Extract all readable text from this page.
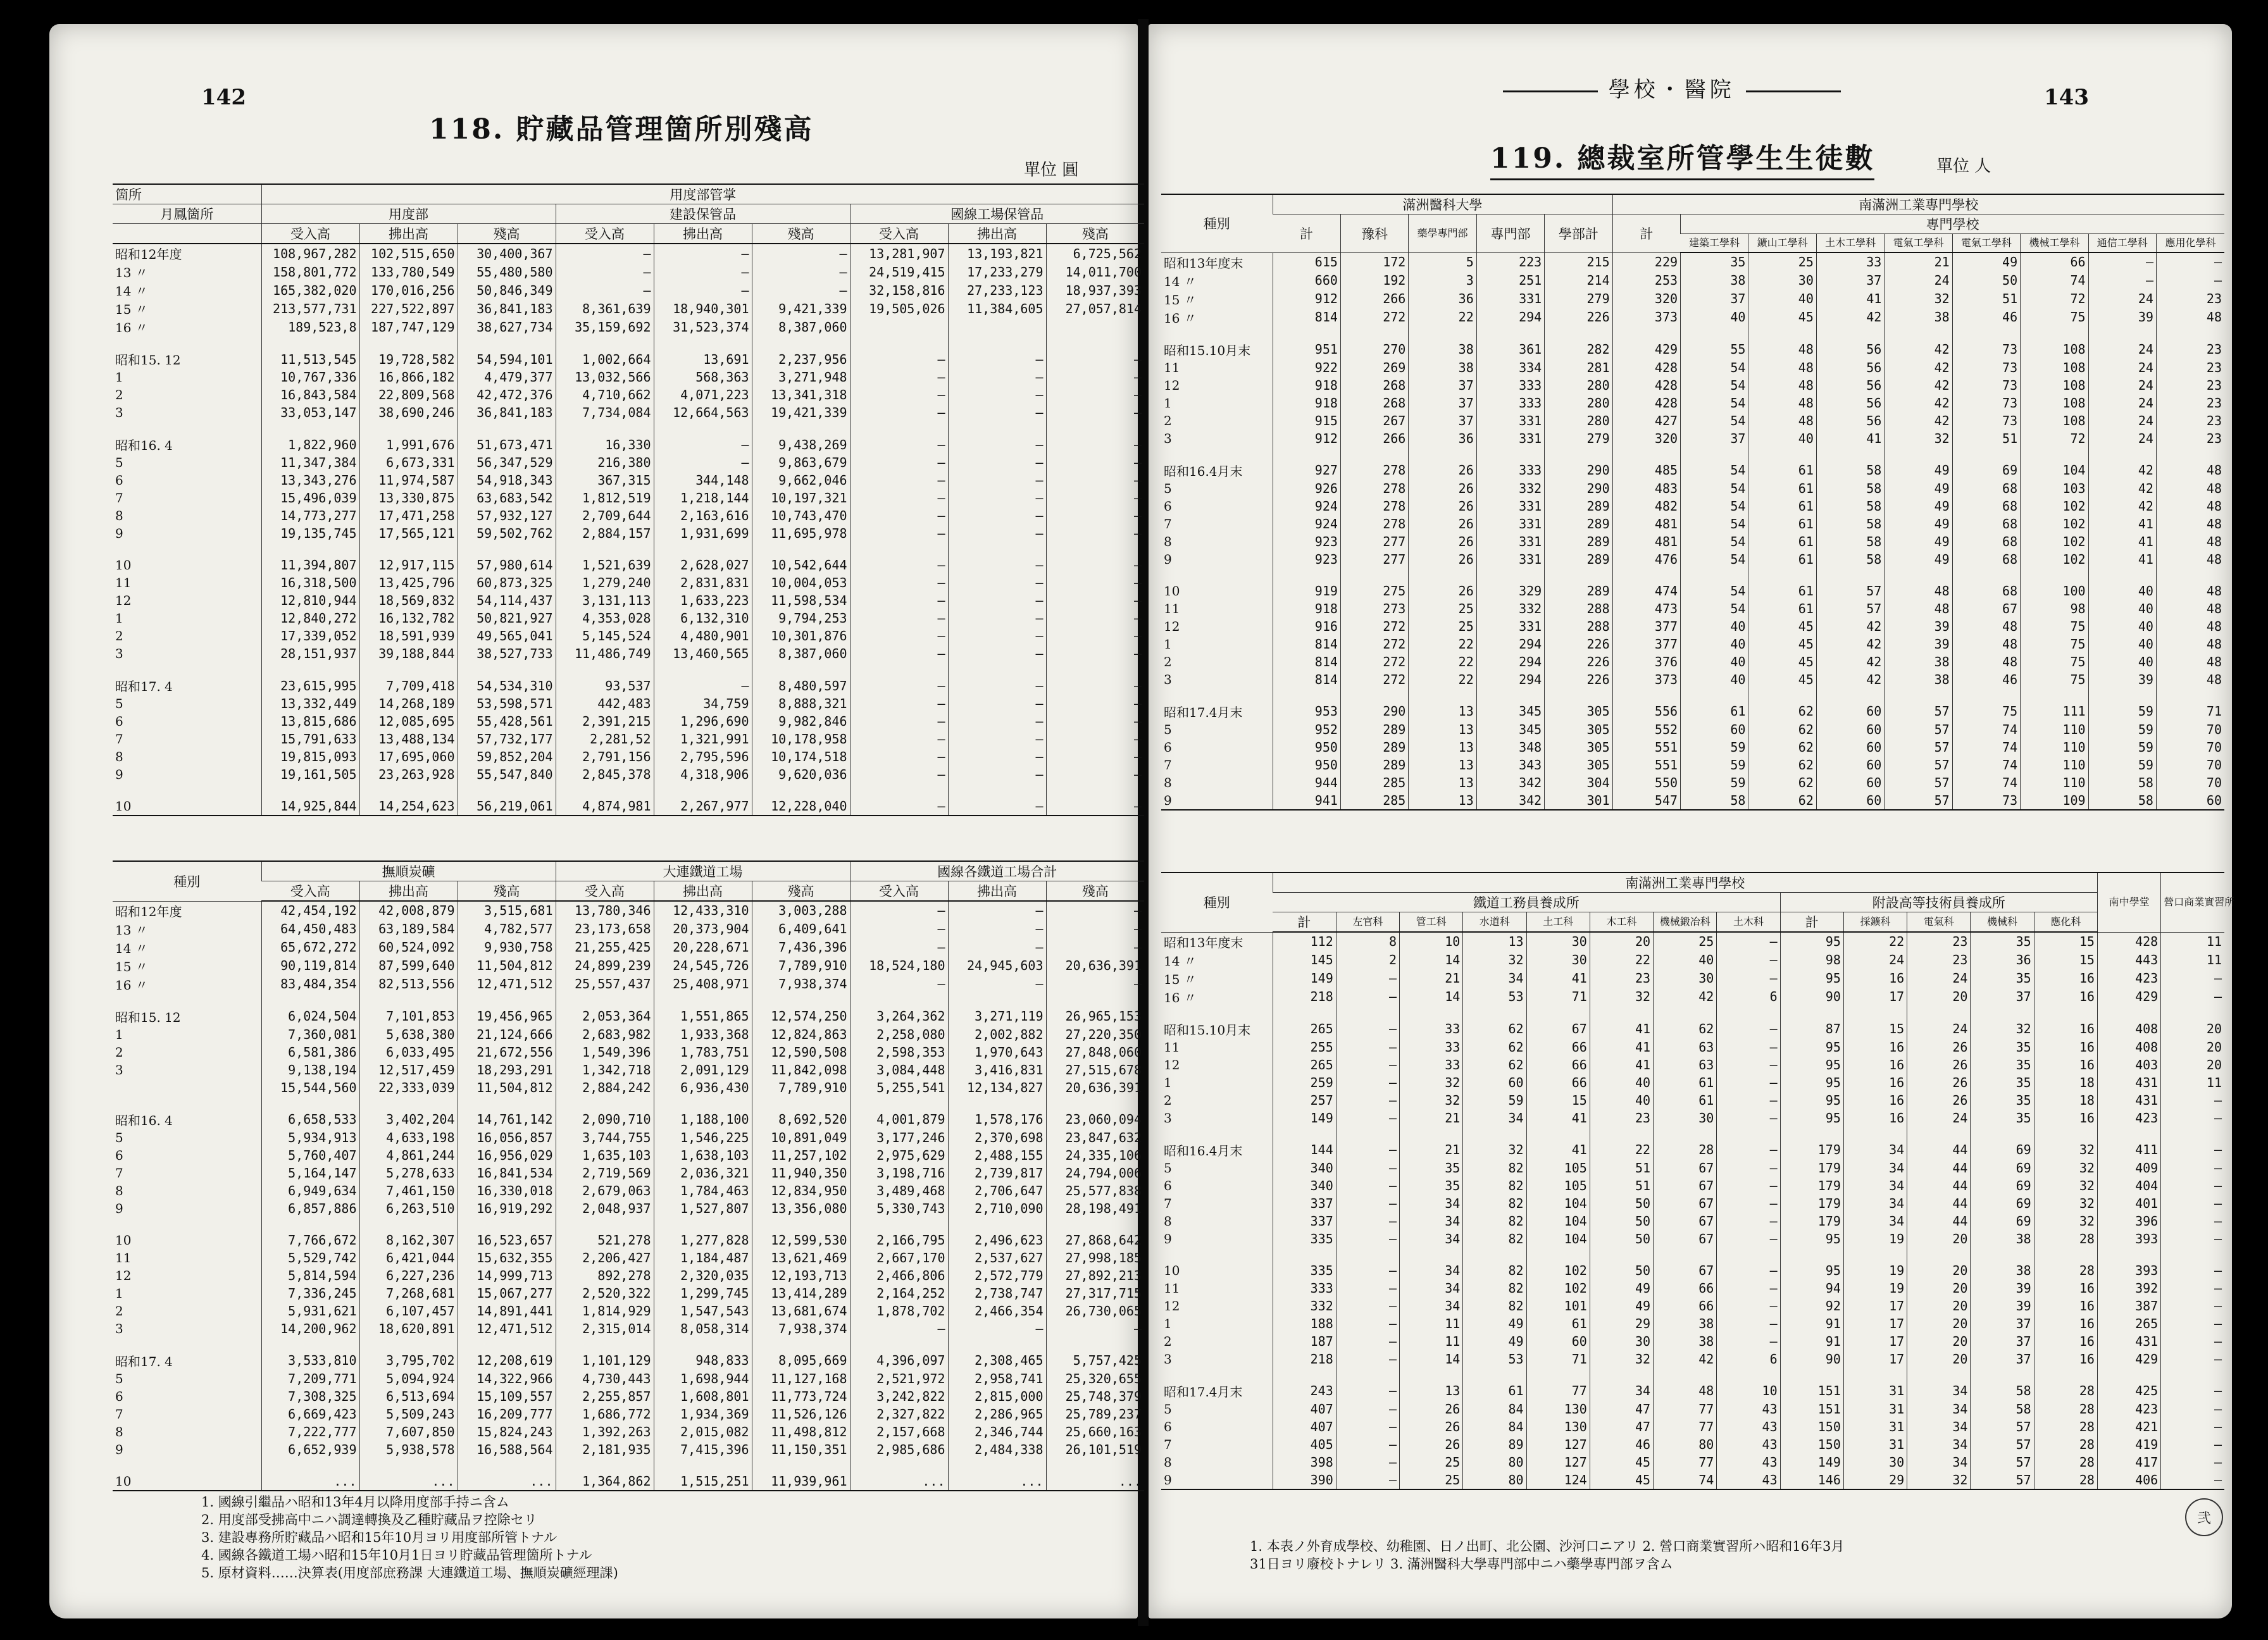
142
118. 貯藏品管理箇所別殘高
單位 圓
箇所	用度部管掌								
月鳳箇所	用度部			建設保管品			國線工場保管品		
	受入高	拂出高	殘高	受入高	拂出高	殘高	受入高	拂出高	殘高
昭和12年度	108,967,282	102,515,650	30,400,367	—	—	—	13,281,907	13,193,821	6,725,562
13 〃	158,801,772	133,780,549	55,480,580	—	—	—	24,519,415	17,233,279	14,011,700
14 〃	165,382,020	170,016,256	50,846,349	—	—	—	32,158,816	27,233,123	18,937,393
15 〃	213,577,731	227,522,897	36,841,183	8,361,639	18,940,301	9,421,339	19,505,026	11,384,605	27,057,814
16 〃	189,523,8	187,747,129	38,627,734	35,159,692	31,523,374	8,387,060			

昭和15. 12	11,513,545	19,728,582	54,594,101	1,002,664	13,691	2,237,956	—	—	—
1	10,767,336	16,866,182	4,479,377	13,032,566	568,363	3,271,948	—	—	—
2	16,843,584	22,809,568	42,472,376	4,710,662	4,071,223	13,341,318	—	—	—
3	33,053,147	38,690,246	36,841,183	7,734,084	12,664,563	19,421,339	—	—	—

昭和16. 4	1,822,960	1,991,676	51,673,471	16,330	—	9,438,269	—	—	—
5	11,347,384	6,673,331	56,347,529	216,380	—	9,863,679	—	—	—
6	13,343,276	11,974,587	54,918,343	367,315	344,148	9,662,046	—	—	—
7	15,496,039	13,330,875	63,683,542	1,812,519	1,218,144	10,197,321	—	—	—
8	14,773,277	17,471,258	57,932,127	2,709,644	2,163,616	10,743,470	—	—	—
9	19,135,745	17,565,121	59,502,762	2,884,157	1,931,699	11,695,978	—	—	—

10	11,394,807	12,917,115	57,980,614	1,521,639	2,628,027	10,542,644	—	—	—
11	16,318,500	13,425,796	60,873,325	1,279,240	2,831,831	10,004,053	—	—	—
12	12,810,944	18,569,832	54,114,437	3,131,113	1,633,223	11,598,534	—	—	—
1	12,840,272	16,132,782	50,821,927	4,353,028	6,132,310	9,794,253	—	—	—
2	17,339,052	18,591,939	49,565,041	5,145,524	4,480,901	10,301,876	—	—	—
3	28,151,937	39,188,844	38,527,733	11,486,749	13,460,565	8,387,060	—	—	—

昭和17. 4	23,615,995	7,709,418	54,534,310	93,537	—	8,480,597	—	—	—
5	13,332,449	14,268,189	53,598,571	442,483	34,759	8,888,321	—	—	—
6	13,815,686	12,085,695	55,428,561	2,391,215	1,296,690	9,982,846	—	—	—
7	15,791,633	13,488,134	57,732,177	2,281,52	1,321,991	10,178,958	—	—	—
8	19,815,093	17,695,060	59,852,204	2,791,156	2,795,596	10,174,518	—	—	—
9	19,161,505	23,263,928	55,547,840	2,845,378	4,318,906	9,620,036	—	—	—

10	14,925,844	14,254,623	56,219,061	4,874,981	2,267,977	12,228,040	—	—	—
種別	撫順炭礦			大連鐵道工場			國線各鐵道工場合計		
	受入高	拂出高	殘高	受入高	拂出高	殘高	受入高	拂出高	殘高
昭和12年度	42,454,192	42,008,879	3,515,681	13,780,346	12,433,310	3,003,288	—	—	—
13 〃	64,450,483	63,189,584	4,782,577	23,173,658	20,373,904	6,409,641	—	—	—
14 〃	65,672,272	60,524,092	9,930,758	21,255,425	20,228,671	7,436,396	—	—	—
15 〃	90,119,814	87,599,640	11,504,812	24,899,239	24,545,726	7,789,910	18,524,180	24,945,603	20,636,391
16 〃	83,484,354	82,513,556	12,471,512	25,557,437	25,408,971	7,938,374	—	—	—

昭和15. 12	6,024,504	7,101,853	19,456,965	2,053,364	1,551,865	12,574,250	3,264,362	3,271,119	26,965,153
1	7,360,081	5,638,380	21,124,666	2,683,982	1,933,368	12,824,863	2,258,080	2,002,882	27,220,350
2	6,581,386	6,033,495	21,672,556	1,549,396	1,783,751	12,590,508	2,598,353	1,970,643	27,848,060
3	9,138,194	12,517,459	18,293,291	1,342,718	2,091,129	11,842,098	3,084,448	3,416,831	27,515,678
	15,544,560	22,333,039	11,504,812	2,884,242	6,936,430	7,789,910	5,255,541	12,134,827	20,636,391

昭和16. 4	6,658,533	3,402,204	14,761,142	2,090,710	1,188,100	8,692,520	4,001,879	1,578,176	23,060,094
5	5,934,913	4,633,198	16,056,857	3,744,755	1,546,225	10,891,049	3,177,246	2,370,698	23,847,632
6	5,760,407	4,861,244	16,956,029	1,635,103	1,638,103	11,257,102	2,975,629	2,488,155	24,335,106
7	5,164,147	5,278,633	16,841,534	2,719,569	2,036,321	11,940,350	3,198,716	2,739,817	24,794,006
8	6,949,634	7,461,150	16,330,018	2,679,063	1,784,463	12,834,950	3,489,468	2,706,647	25,577,838
9	6,857,886	6,263,510	16,919,292	2,048,937	1,527,807	13,356,080	5,330,743	2,710,090	28,198,491

10	7,766,672	8,162,307	16,523,657	521,278	1,277,828	12,599,530	2,166,795	2,496,623	27,868,642
11	5,529,742	6,421,044	15,632,355	2,206,427	1,184,487	13,621,469	2,667,170	2,537,627	27,998,185
12	5,814,594	6,227,236	14,999,713	892,278	2,320,035	12,193,713	2,466,806	2,572,779	27,892,213
1	7,336,245	7,268,681	15,067,277	2,520,322	1,299,745	13,414,289	2,164,252	2,738,747	27,317,715
2	5,931,621	6,107,457	14,891,441	1,814,929	1,547,543	13,681,674	1,878,702	2,466,354	26,730,065
3	14,200,962	18,620,891	12,471,512	2,315,014	8,058,314	7,938,374	—	—	—

昭和17. 4	3,533,810	3,795,702	12,208,619	1,101,129	948,833	8,095,669	4,396,097	2,308,465	5,757,425
5	7,209,771	5,094,924	14,322,966	4,730,443	1,698,944	11,127,168	2,521,972	2,958,741	25,320,655
6	7,308,325	6,513,694	15,109,557	2,255,857	1,608,801	11,773,724	3,242,822	2,815,000	25,748,379
7	6,669,423	5,509,243	16,209,777	1,686,772	1,934,369	11,526,126	2,327,822	2,286,965	25,789,237
8	7,222,777	7,607,850	15,824,243	1,392,263	2,015,082	11,498,812	2,157,668	2,346,744	25,660,163
9	6,652,939	5,938,578	16,588,564	2,181,935	7,415,396	11,150,351	2,985,686	2,484,338	26,101,519

10	...	...	...	1,364,862	1,515,251	11,939,961	...	...	...
1. 國線引繼品ハ昭和13年4月以降用度部手持ニ含ム
2. 用度部受拂高中ニハ調達轉換及乙種貯藏品ヲ控除セリ
3. 建設專務所貯藏品ハ昭和15年10月ヨリ用度部所管トナル
4. 國線各鐵道工場ハ昭和15年10月1日ヨリ貯藏品管理箇所トナル
5. 原材資料……決算表(用度部庶務課 大連鐵道工場、撫順炭礦經理課)
學校・醫院	143
119. 總裁室所管學生生徒數	單位 人
種別	滿洲醫科大學					南滿洲工業專門學校								
	計	豫科	藥學專門部	專門部	學部計	計	專門學校							
							建築工學科	鑛山工學科	土木工學科	電氣工學科	電氣工學科	機械工學科	通信工學科	應用化學科
昭和13年度末	615	172	5	223	215	229	35	25	33	21	49	66	—	—
14 〃	660	192	3	251	214	253	38	30	37	24	50	74	—	—
15 〃	912	266	36	331	279	320	37	40	41	32	51	72	24	23
16 〃	814	272	22	294	226	373	40	45	42	38	46	75	39	48

昭和15.10月末	951	270	38	361	282	429	55	48	56	42	73	108	24	23
11	922	269	38	334	281	428	54	48	56	42	73	108	24	23
12	918	268	37	333	280	428	54	48	56	42	73	108	24	23
1	918	268	37	333	280	428	54	48	56	42	73	108	24	23
2	915	267	37	331	280	427	54	48	56	42	73	108	24	23
3	912	266	36	331	279	320	37	40	41	32	51	72	24	23

昭和16.4月末	927	278	26	333	290	485	54	61	58	49	69	104	42	48
5	926	278	26	332	290	483	54	61	58	49	68	103	42	48
6	924	278	26	331	289	482	54	61	58	49	68	102	42	48
7	924	278	26	331	289	481	54	61	58	49	68	102	41	48
8	923	277	26	331	289	481	54	61	58	49	68	102	41	48
9	923	277	26	331	289	476	54	61	58	49	68	102	41	48

10	919	275	26	329	289	474	54	61	57	48	68	100	40	48
11	918	273	25	332	288	473	54	61	57	48	67	98	40	48
12	916	272	25	331	288	377	40	45	42	39	48	75	40	48
1	814	272	22	294	226	377	40	45	42	39	48	75	40	48
2	814	272	22	294	226	376	40	45	42	38	48	75	40	48
3	814	272	22	294	226	373	40	45	42	38	46	75	39	48

昭和17.4月末	953	290	13	345	305	556	61	62	60	57	75	111	59	71
5	952	289	13	345	305	552	60	62	60	57	74	110	59	70
6	950	289	13	348	305	551	59	62	60	57	74	110	59	70
7	950	289	13	343	305	551	59	62	60	57	74	110	59	70
8	944	285	13	342	304	550	59	62	60	57	74	110	58	70
9	941	285	13	342	301	547	58	62	60	57	73	109	58	60
種別	南滿洲工業專門學校													南中學堂	營口商業實習所
	鐵道工務員養成所								附設高等技術員養成所						
	計	左官科	管工科	水道科	土工科	木工科	機械鍛冶科	土木科	計	採鑛科	電氣科	機械科	應化科		
昭和13年度末	112	8	10	13	30	20	25	—	95	22	23	35	15	428	11
14 〃	145	2	14	32	30	22	40	—	98	24	23	36	15	443	11
15 〃	149	—	21	34	41	23	30	—	95	16	24	35	16	423	—
16 〃	218	—	14	53	71	32	42	6	90	17	20	37	16	429	—

昭和15.10月末	265	—	33	62	67	41	62	—	87	15	24	32	16	408	20
11	255	—	33	62	66	41	63	—	95	16	26	35	16	408	20
12	265	—	33	62	66	41	63	—	95	16	26	35	16	403	20
1	259	—	32	60	66	40	61	—	95	16	26	35	18	431	11
2	257	—	32	59	15	40	61	—	95	16	26	35	18	431	—
3	149	—	21	34	41	23	30	—	95	16	24	35	16	423	—

昭和16.4月末	144	—	21	32	41	22	28	—	179	34	44	69	32	411	—
5	340	—	35	82	105	51	67	—	179	34	44	69	32	409	—
6	340	—	35	82	105	51	67	—	179	34	44	69	32	404	—
7	337	—	34	82	104	50	67	—	179	34	44	69	32	401	—
8	337	—	34	82	104	50	67	—	179	34	44	69	32	396	—
9	335	—	34	82	104	50	67	—	95	19	20	38	28	393	—

10	335	—	34	82	102	50	67	—	95	19	20	38	28	393	—
11	333	—	34	82	102	49	66	—	94	19	20	39	16	392	—
12	332	—	34	82	101	49	66	—	92	17	20	39	16	387	—
1	188	—	11	49	61	29	38	—	91	17	20	37	16	265	—
2	187	—	11	49	60	30	38	—	91	17	20	37	16	431	—
3	218	—	14	53	71	32	42	6	90	17	20	37	16	429	—

昭和17.4月末	243	—	13	61	77	34	48	10	151	31	34	58	28	425	—
5	407	—	26	84	130	47	77	43	151	31	34	58	28	423	—
6	407	—	26	84	130	47	77	43	150	31	34	57	28	421	—
7	405	—	26	89	127	46	80	43	150	31	34	57	28	419	—
8	398	—	25	80	127	45	77	43	149	30	34	57	28	417	—
9	390	—	25	80	124	45	74	43	146	29	32	57	28	406	—
1. 本表ノ外育成學校、幼稚園、日ノ出町、北公園、沙河口ニアリ 2. 營口商業實習所ハ昭和16年3月
31日ヨリ廢校トナレリ 3. 滿洲醫科大學專門部中ニハ藥學專門部ヲ含ム
弐
